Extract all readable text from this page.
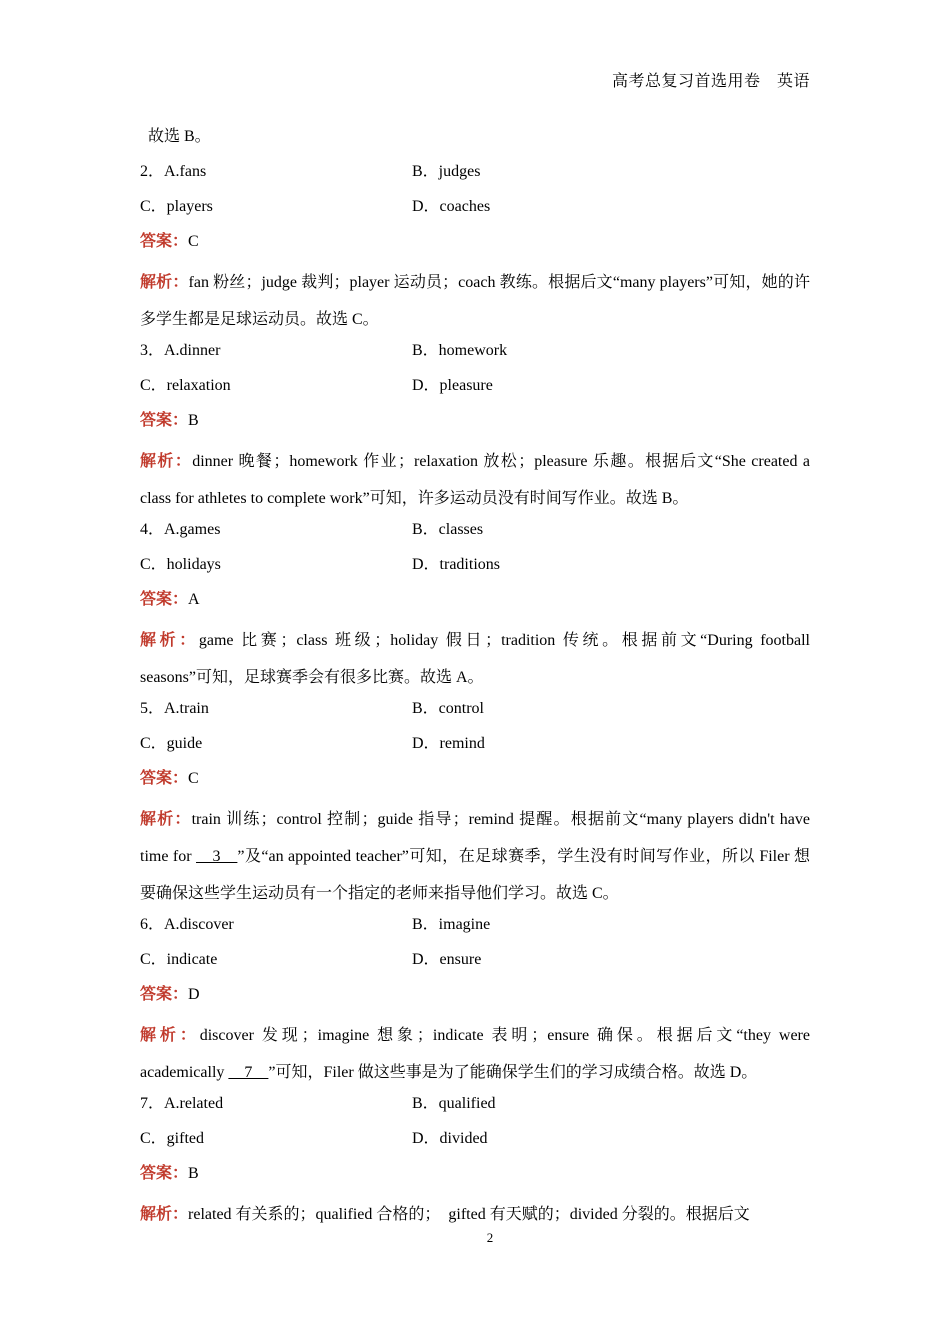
高考总复习首选用卷　英语
故选 B。
2．A.fans	B．judges
C．players	D．coaches
答案：C

解析：fan 粉丝；judge 裁判；player 运动员；coach 教练。根据后文“many players”可知，她的许多学生都是足球运动员。故选 C。

3．A.dinner	B．homework
C．relaxation	D．pleasure
答案：B

解析：dinner 晚餐；homework 作业；relaxation 放松；pleasure 乐趣。根据后文“She created a class for athletes to complete work”可知，许多运动员没有时间写作业。故选 B。

4．A.games	B．classes
C．holidays	D．traditions
答案：A

解析：game 比赛；class 班级；holiday 假日；tradition 传统。根据前文“During football seasons”可知，足球赛季会有很多比赛。故选 A。

5．A.train	B．control
C．guide	D．remind
答案：C

解析：train 训练；control 控制；guide 指导；remind 提醒。根据前文“many players didn't have time for 　3　”及“an appointed teacher”可知，在足球赛季，学生没有时间写作业，所以 Filer 想要确保这些学生运动员有一个指定的老师来指导他们学习。故选 C。

6．A.discover	B．imagine
C．indicate	D．ensure
答案：D

解析：discover 发现；imagine 想象；indicate 表明；ensure 确保。根据后文“they were academically 　7　”可知，Filer 做这些事是为了能确保学生们的学习成绩合格。故选 D。

7．A.related	B．qualified
C．gifted	D．divided
答案：B

解析：related 有关系的；qualified 合格的；　gifted 有天赋的；divided 分裂的。根据后文

2
